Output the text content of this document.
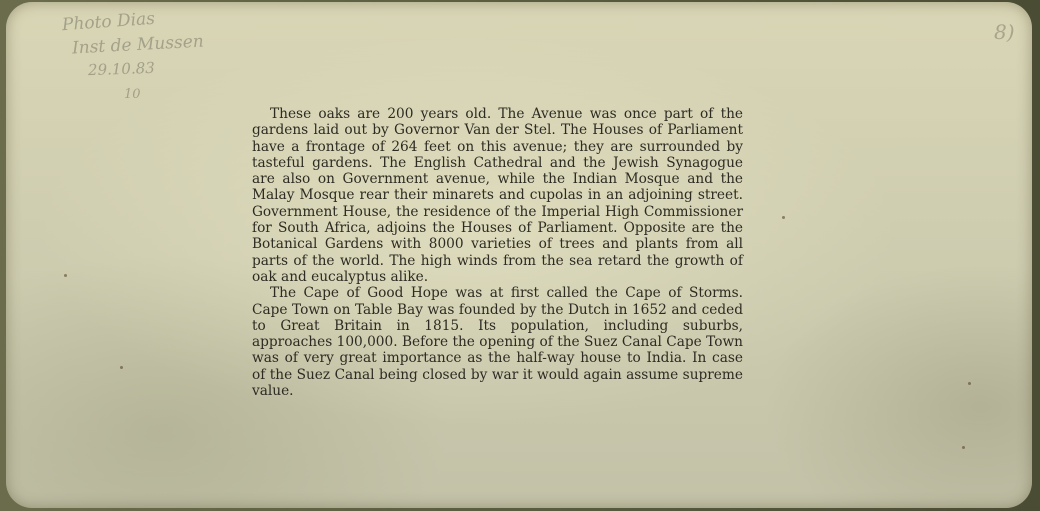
Photo Dias
Inst de Mussen
29.10.83
10
8)

These oaks are 200 years old. The Avenue was once part of the gardens laid out by Governor Van der Stel. The Houses of Parliament have a frontage of 264 feet on this avenue; they are surrounded by tasteful gardens. The English Cathedral and the Jewish Synagogue are also on Government avenue, while the Indian Mosque and the Malay Mosque rear their minarets and cupolas in an adjoining street. Government House, the residence of the Imperial High Commissioner for South Africa, adjoins the Houses of Parliament. Opposite are the Botanical Gardens with 8000 varieties of trees and plants from all parts of the world. The high winds from the sea retard the growth of oak and eucalyptus alike.

The Cape of Good Hope was at first called the Cape of Storms. Cape Town on Table Bay was founded by the Dutch in 1652 and ceded to Great Britain in 1815. Its population, including suburbs, approaches 100,000. Before the opening of the Suez Canal Cape Town was of very great importance as the half-way house to India. In case of the Suez Canal being closed by war it would again assume supreme value.
